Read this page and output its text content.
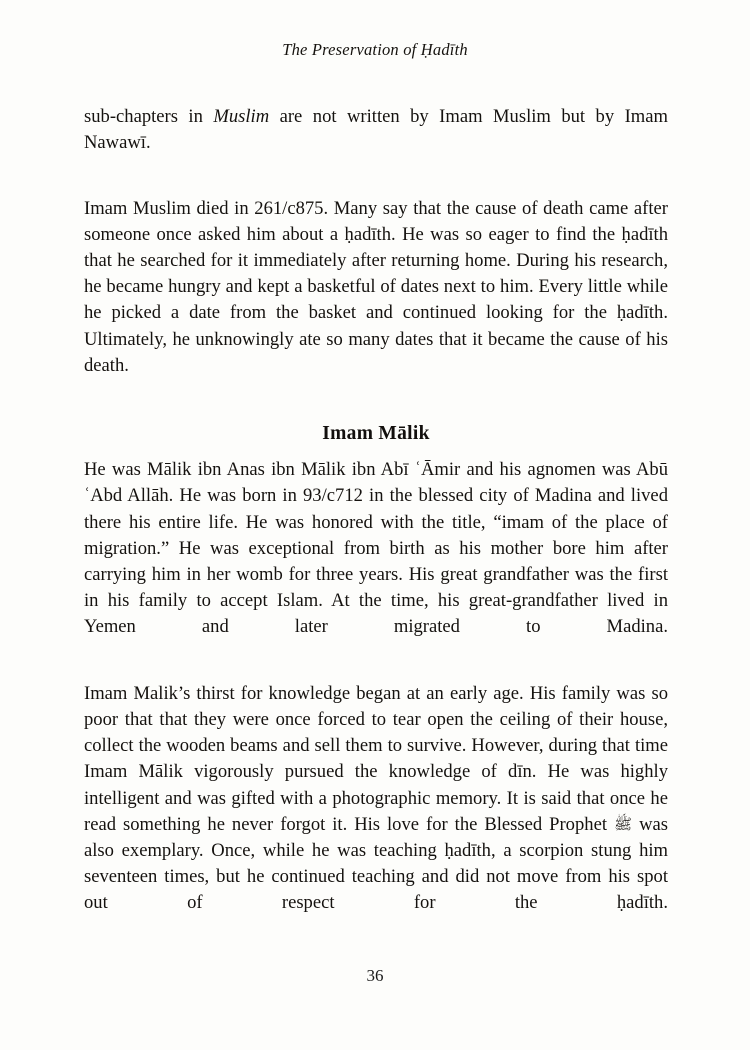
The Preservation of Ḥadīth

sub-chapters in Muslim are not written by Imam Muslim but by Imam Nawawī.

Imam Muslim died in 261/c875. Many say that the cause of death came after someone once asked him about a ḥadīth. He was so eager to find the ḥadīth that he searched for it immediately after returning home. During his research, he became hungry and kept a basketful of dates next to him. Every little while he picked a date from the basket and continued looking for the ḥadīth. Ultimately, he unknowingly ate so many dates that it became the cause of his death.

Imam Mālik

He was Mālik ibn Anas ibn Mālik ibn Abī ʿĀmir and his agnomen was Abū ʿAbd Allāh. He was born in 93/c712 in the blessed city of Madina and lived there his entire life. He was honored with the title, “imam of the place of migration.” He was exceptional from birth as his mother bore him after carrying him in her womb for three years. His great grandfather was the first in his family to accept Islam. At the time, his great-grandfather lived in Yemen and later migrated to Madina.

Imam Malik’s thirst for knowledge began at an early age. His family was so poor that that they were once forced to tear open the ceiling of their house, collect the wooden beams and sell them to survive. However, during that time Imam Mālik vigorously pursued the knowledge of dīn. He was highly intelligent and was gifted with a photographic memory. It is said that once he read something he never forgot it. His love for the Blessed Prophet ﷺ was also exemplary. Once, while he was teaching ḥadīth, a scorpion stung him seventeen times, but he continued teaching and did not move from his spot out of respect for the ḥadīth.

36
